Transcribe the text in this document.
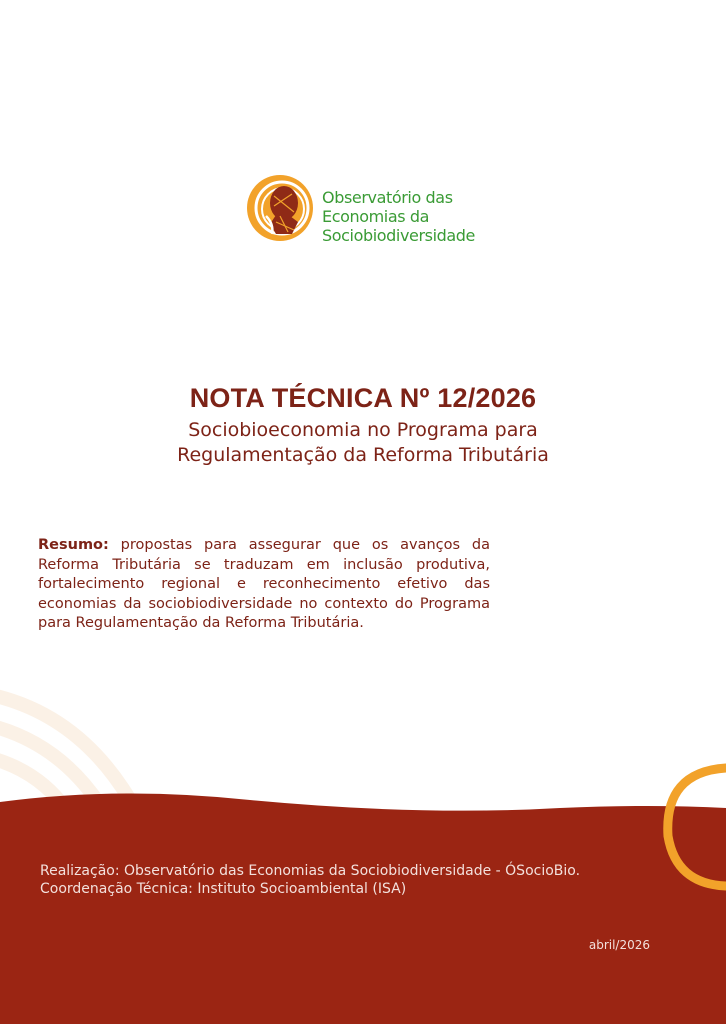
Observatório das
Economias da
Sociobiodiversidade
NOTA TÉCNICA Nº 12/2026
Sociobioeconomia no Programa para
Regulamentação da Reforma Tributária
Resumo: propostas para assegurar que os avanços da Reforma Tributária se traduzam em inclusão produtiva, fortalecimento regional e reconhecimento efetivo das economias da sociobiodiversidade no contexto do Programa para Regulamentação da Reforma Tributária.
Realização: Observatório das Economias da Sociobiodiversidade - ÓSocioBio.
Coordenação Técnica: Instituto Socioambiental (ISA)
abril/2026
